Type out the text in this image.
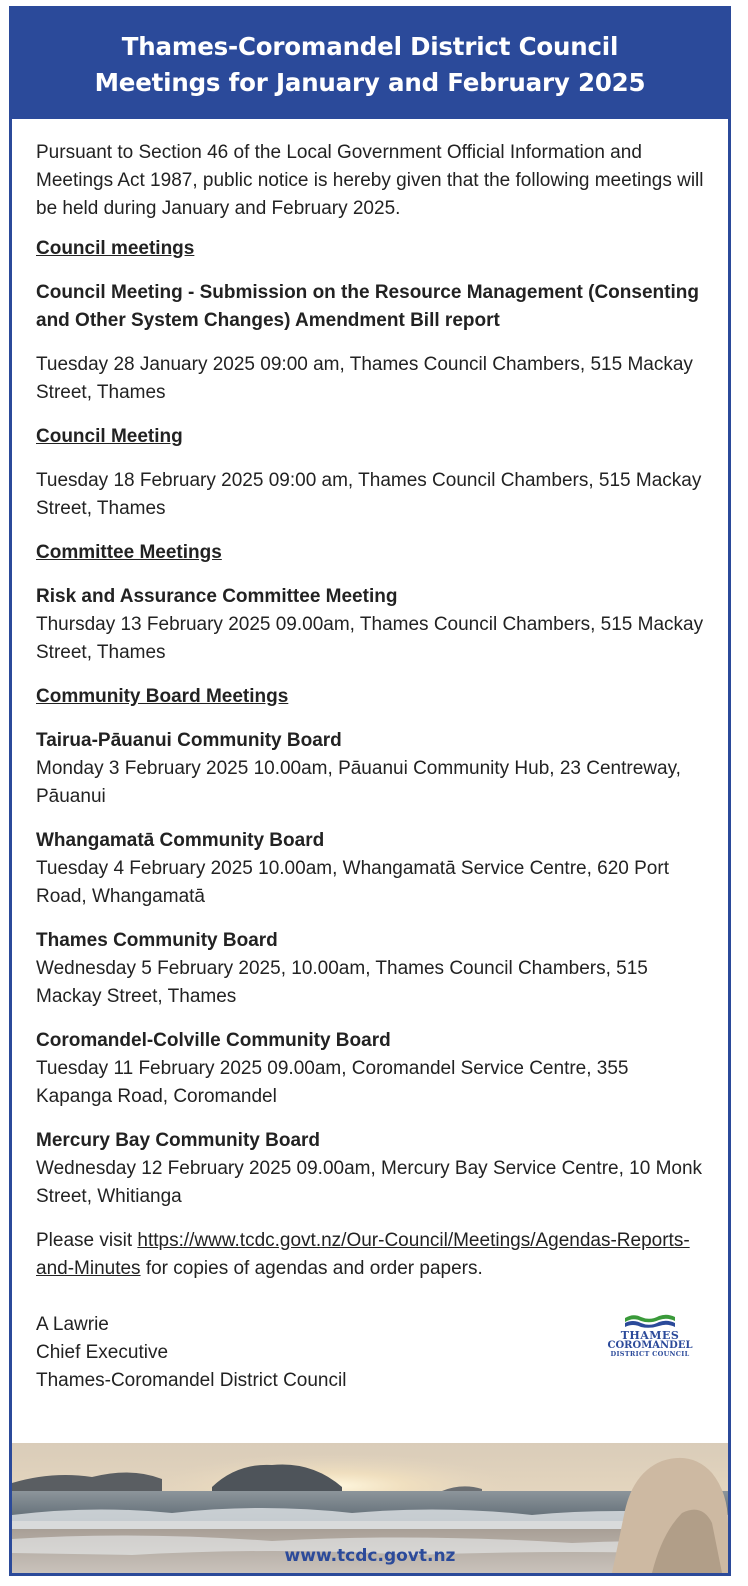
Thames-Coromandel District Council
Meetings for January and February 2025

Pursuant to Section 46 of the Local Government Official Information and Meetings Act 1987, public notice is hereby given that the following meetings will be held during January and February 2025.

Council meetings

Council Meeting - Submission on the Resource Management (Consenting and Other System Changes) Amendment Bill report

Tuesday 28 January 2025 09:00 am, Thames Council Chambers, 515 Mackay Street, Thames

Council Meeting

Tuesday 18 February 2025 09:00 am, Thames Council Chambers, 515 Mackay Street, Thames

Committee Meetings

Risk and Assurance Committee Meeting

Thursday 13 February 2025 09.00am, Thames Council Chambers, 515 Mackay Street, Thames

Community Board Meetings

Tairua-Pāuanui Community Board

Monday 3 February 2025 10.00am, Pāuanui Community Hub, 23 Centreway, Pāuanui

Whangamatā Community Board

Tuesday 4 February 2025 10.00am, Whangamatā Service Centre, 620 Port Road, Whangamatā

Thames Community Board

Wednesday 5 February 2025, 10.00am, Thames Council Chambers, 515 Mackay Street, Thames

Coromandel-Colville Community Board

Tuesday 11 February 2025 09.00am, Coromandel Service Centre, 355 Kapanga Road, Coromandel

Mercury Bay Community Board

Wednesday 12 February 2025 09.00am, Mercury Bay Service Centre, 10 Monk Street, Whitianga

Please visit https://www.tcdc.govt.nz/Our-Council/Meetings/Agendas-Reports-and-Minutes for copies of agendas and order papers.

A Lawrie

Chief Executive

Thames-Coromandel District Council

THAMES
COROMANDEL
DISTRICT COUNCIL
www.tcdc.govt.nz
